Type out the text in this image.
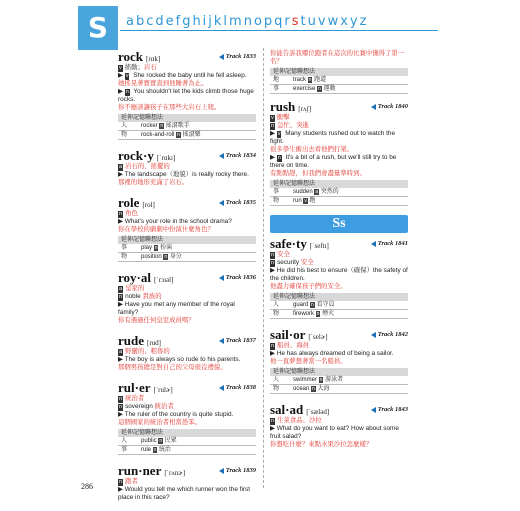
S	abcdefghijklmnopqrstuvwxyz
rock [rɑk]	Track 1833
v 搖動；岩石
▶ v She rocked the baby until he fell asleep.
她搖晃著寶寶直到他睡著為止。
▶ n You shouldn't let the kids climb those huge rocks.
你不應該讓孩子在那些大岩石上爬。
延伸記憶聯想法	
人	rocker n 搖滾歌手
物	rock-and-roll n 搖滾樂
rock·y [ˈrɑkɪ]	Track 1834
a 岩石的、搖擺的
▶ The landscape（地貌）is really rocky there.
那裡的地形充滿了岩石。
role [rol]	Track 1835
n 角色
▶ What's your role in the school drama?
你在學校的劇劇中扮演什麼角色？
延伸記憶聯想法	
事	play n 扮演
物	position n 身分
roy·al [ˈrɔɪəl]	Track 1836
a 皇家的
n noble 貴族的
▶ Have you met any member of the royal family?
你有遇過任何皇室成員嗎？
rude [rud]	Track 1837
a 野蠻的、粗魯的
▶ The boy is always so rude to his parents.
那個男孩總是對自己的父母很沒禮貌。
rul·er [ˈrulɚ]	Track 1838
n 統治者
n sovereign 統治者
▶ The ruler of the country is quite stupid.
這個國家的統治者相當愚笨。
延伸記憶聯想法	
人	public n 民眾
事	rule v 統治
run·ner [ˈrʌnɚ]	Track 1839
n 跑者
▶ Would you tell me which runner won the first place in this race?
你能告訴我哪位跑者在這次的比賽中獲得了第一名？
延伸記憶聯想法	
地	track n 跑道
事	exercise n 運動
rush [rʌʃ]	Track 1840
v 衝擊
n 急忙、突進
▶ v Many students rushed out to watch the fight.
很多學生衝出去看他們打架。
▶ n It's a bit of a rush, but we'll still try to be there on time.
有點點趕，但我們會盡量準時到。
延伸記憶聯想法	
事	sudden a 突然的
物	run v 跑
Ss
safe·ty [ˈseftɪ]	Track 1841
n 安全
n security 安全
▶ He did his best to ensure（確保）the safety of the children.
他盡力確保孩子們的安全。
延伸記憶聯想法	
人	guard n 看守員
物	firework n 煙火
sail·or [ˈselɚ]	Track 1842
n 船員、海員
▶ He has always dreamed of being a sailor.
他一直夢想著當一名船員。
延伸記憶聯想法	
人	swimmer n 游泳者
物	ocean n 大海
sal·ad [ˈsæləd]	Track 1843
n 生菜食品、沙拉
▶ What do you want to eat? How about some fruit salad?
你想吃什麼？來點水果沙拉怎麼樣？
286
